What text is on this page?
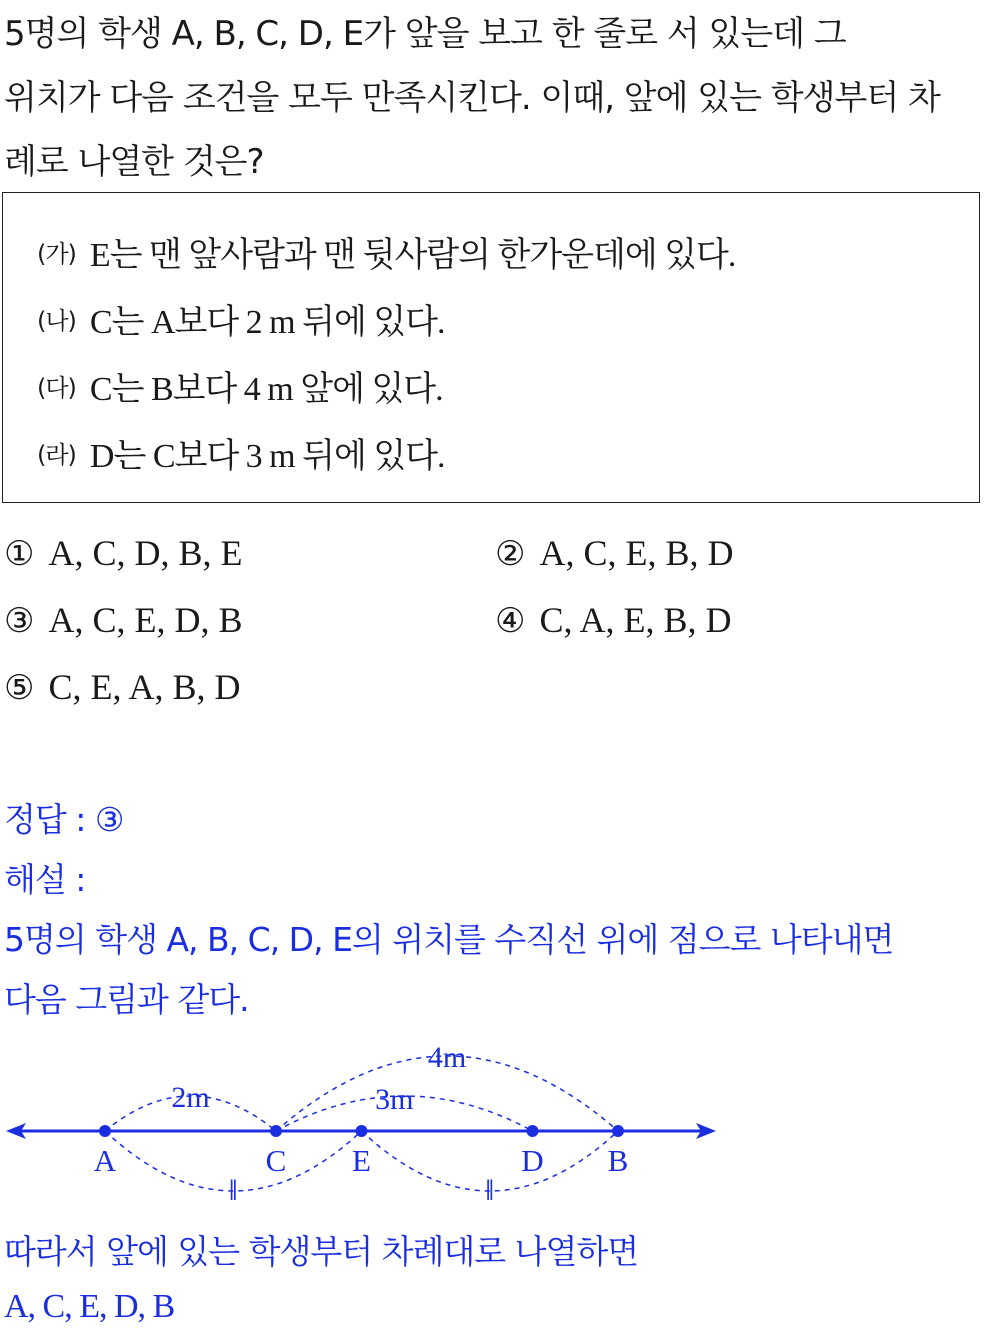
5명의 학생 A, B, C, D, E가 앞을 보고 한 줄로 서 있는데 그
위치가 다음 조건을 모두 만족시킨다. 이때, 앞에 있는 학생부터 차
례로 나열한 것은?
(가) E는 맨 앞사람과 맨 뒷사람의 한가운데에 있다.
(나) C는 A보다 2 m 뒤에 있다.
(다) C는 B보다 4 m 앞에 있다.
(라) D는 C보다 3 m 뒤에 있다.
① A, C, D, B, E	② A, C, E, B, D
③ A, C, E, D, B	④ C, A, E, B, D
⑤ C, E, A, B, D
정답 : ③
해설 :
5명의 학생 A, B, C, D, E의 위치를 수직선 위에 점으로 나타내면
다음 그림과 같다.
2m	3m
4m
‖	‖
A	C E	D B
따라서 앞에 있는 학생부터 차례대로 나열하면
A, C, E, D, B
